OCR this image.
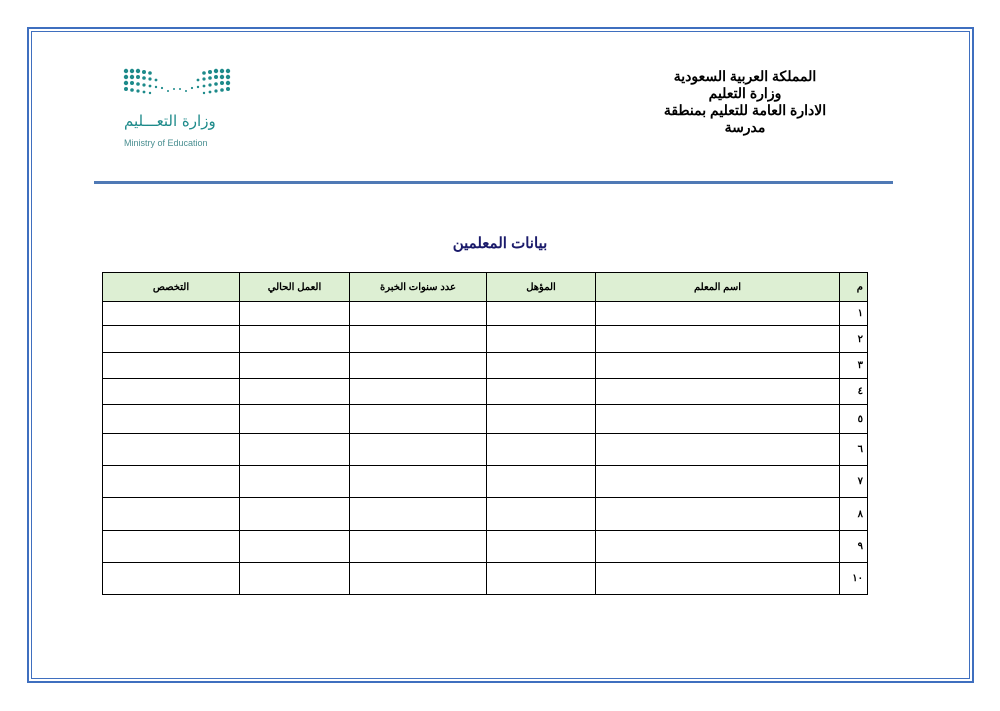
المملكة العربية السعودية
وزارة التعليم
الادارة العامة للتعليم بمنطقة
مدرسة
وزارة التعـــليم
Ministry of Education
بيانات المعلمين
م	اسم المعلم	المؤهل	عدد سنوات الخبرة	العمل الحالي	التخصص
١					
٢					
٣					
٤					
٥					
٦					
٧					
٨					
٩					
١٠					
